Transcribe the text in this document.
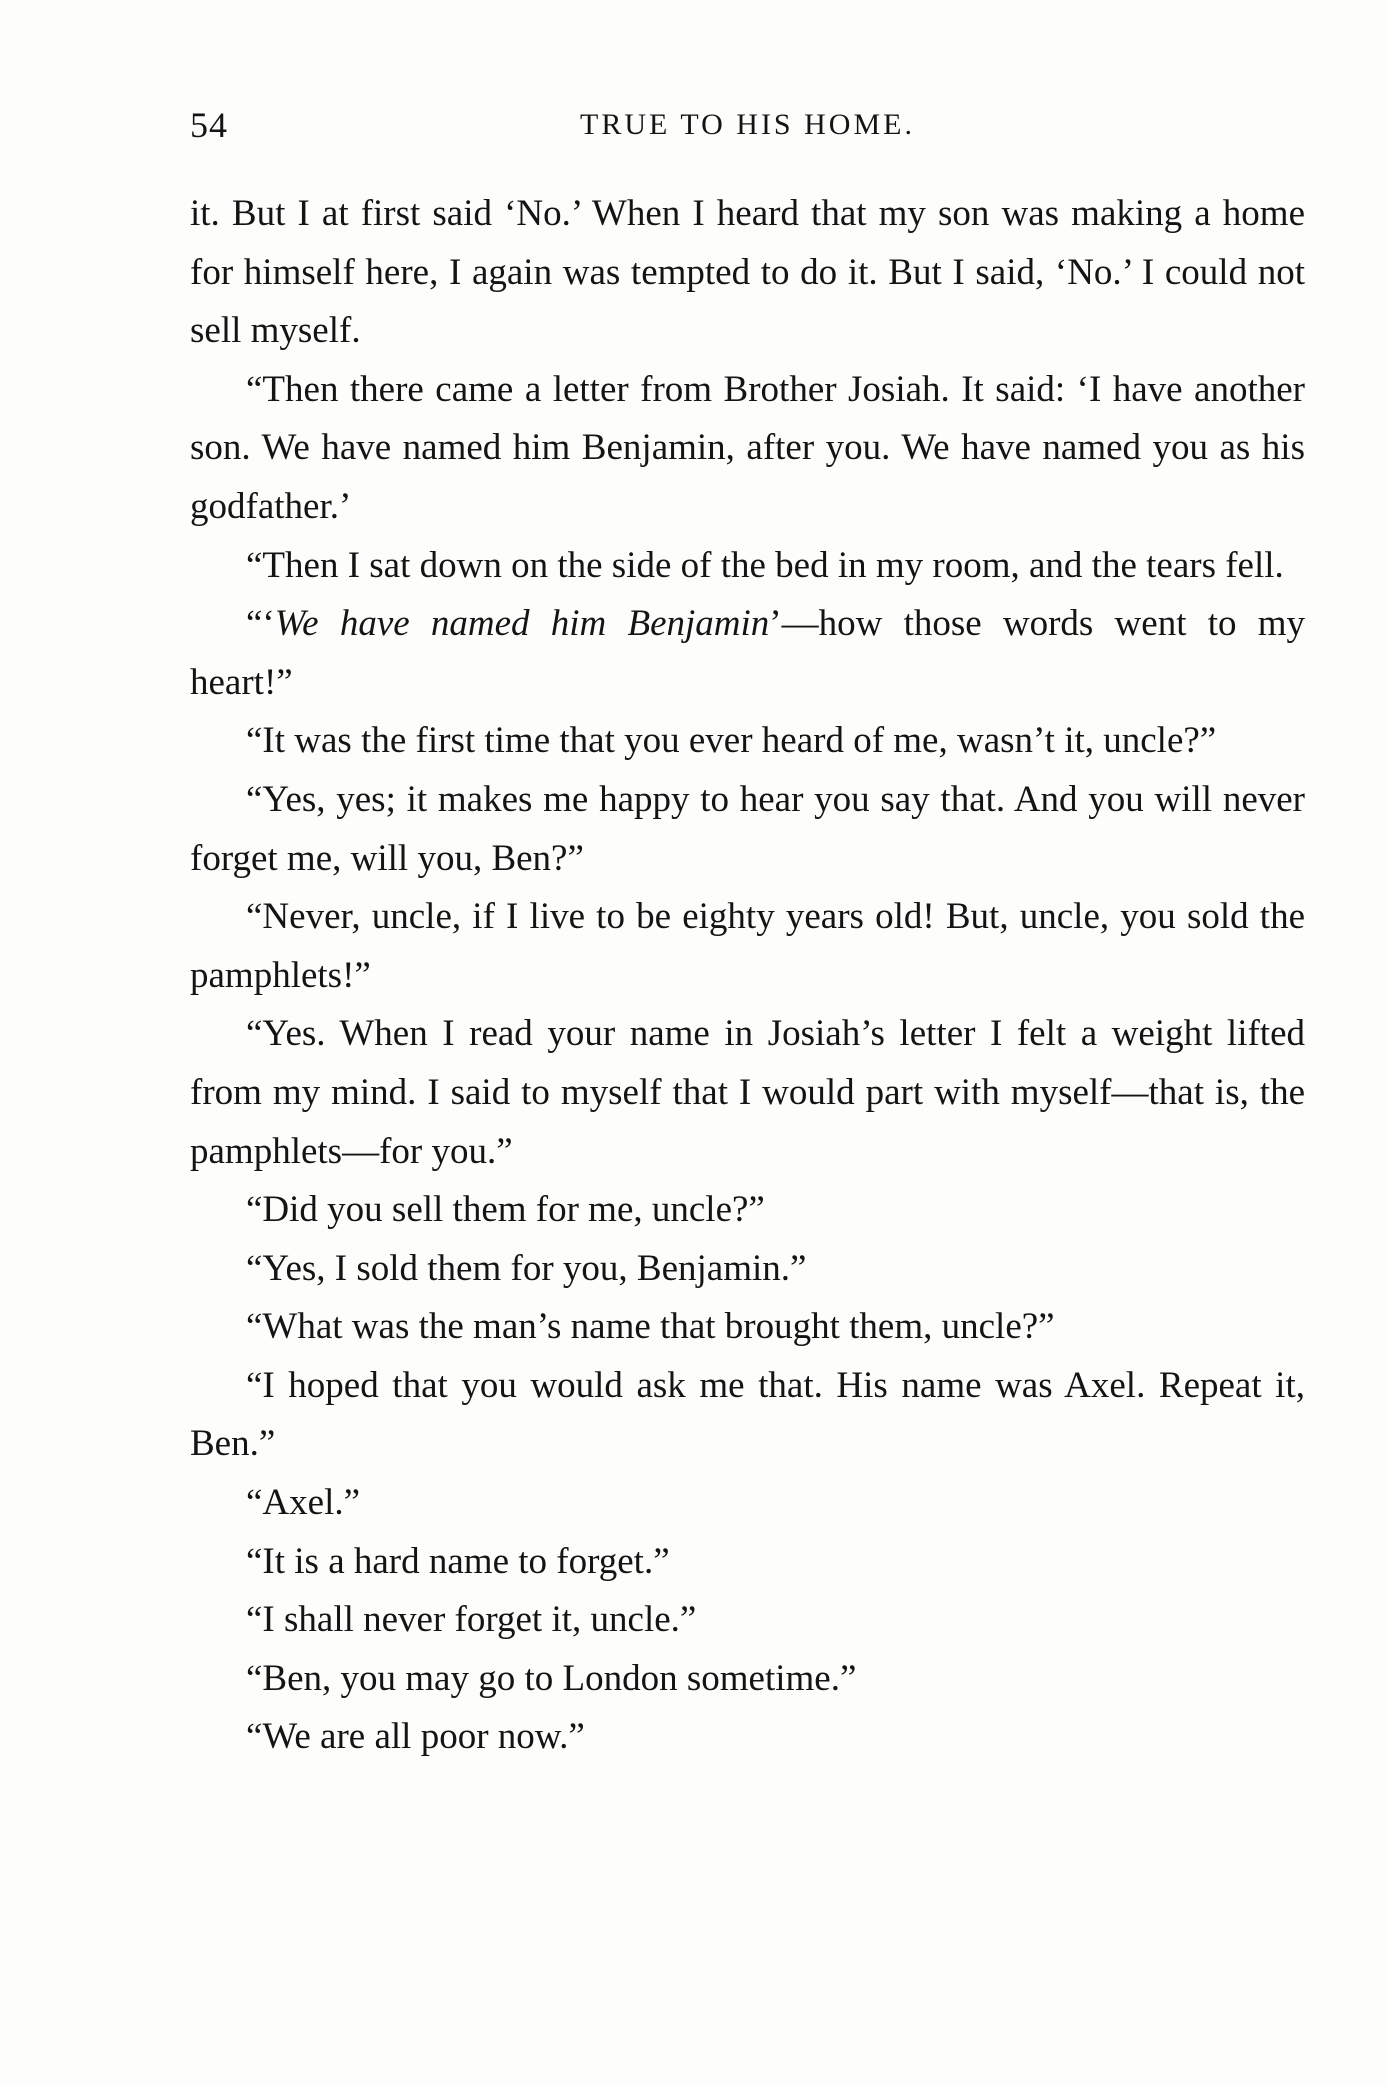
54	TRUE TO HIS HOME.

it. But I at first said ‘No.’ When I heard that my son was making a home for himself here, I again was tempted to do it. But I said, ‘No.’ I could not sell myself.

“Then there came a letter from Brother Josiah. It said: ‘I have another son. We have named him Benjamin, after you. We have named you as his godfather.’

“Then I sat down on the side of the bed in my room, and the tears fell.

“‘We have named him Benjamin’—how those words went to my heart!”

“It was the first time that you ever heard of me, wasn’t it, uncle?”

“Yes, yes; it makes me happy to hear you say that. And you will never forget me, will you, Ben?”

“Never, uncle, if I live to be eighty years old! But, uncle, you sold the pamphlets!”

“Yes. When I read your name in Josiah’s letter I felt a weight lifted from my mind. I said to myself that I would part with myself—that is, the pamphlets—for you.”

“Did you sell them for me, uncle?”

“Yes, I sold them for you, Benjamin.”

“What was the man’s name that brought them, uncle?”

“I hoped that you would ask me that. His name was Axel. Repeat it, Ben.”

“Axel.”

“It is a hard name to forget.”

“I shall never forget it, uncle.”

“Ben, you may go to London sometime.”

“We are all poor now.”
